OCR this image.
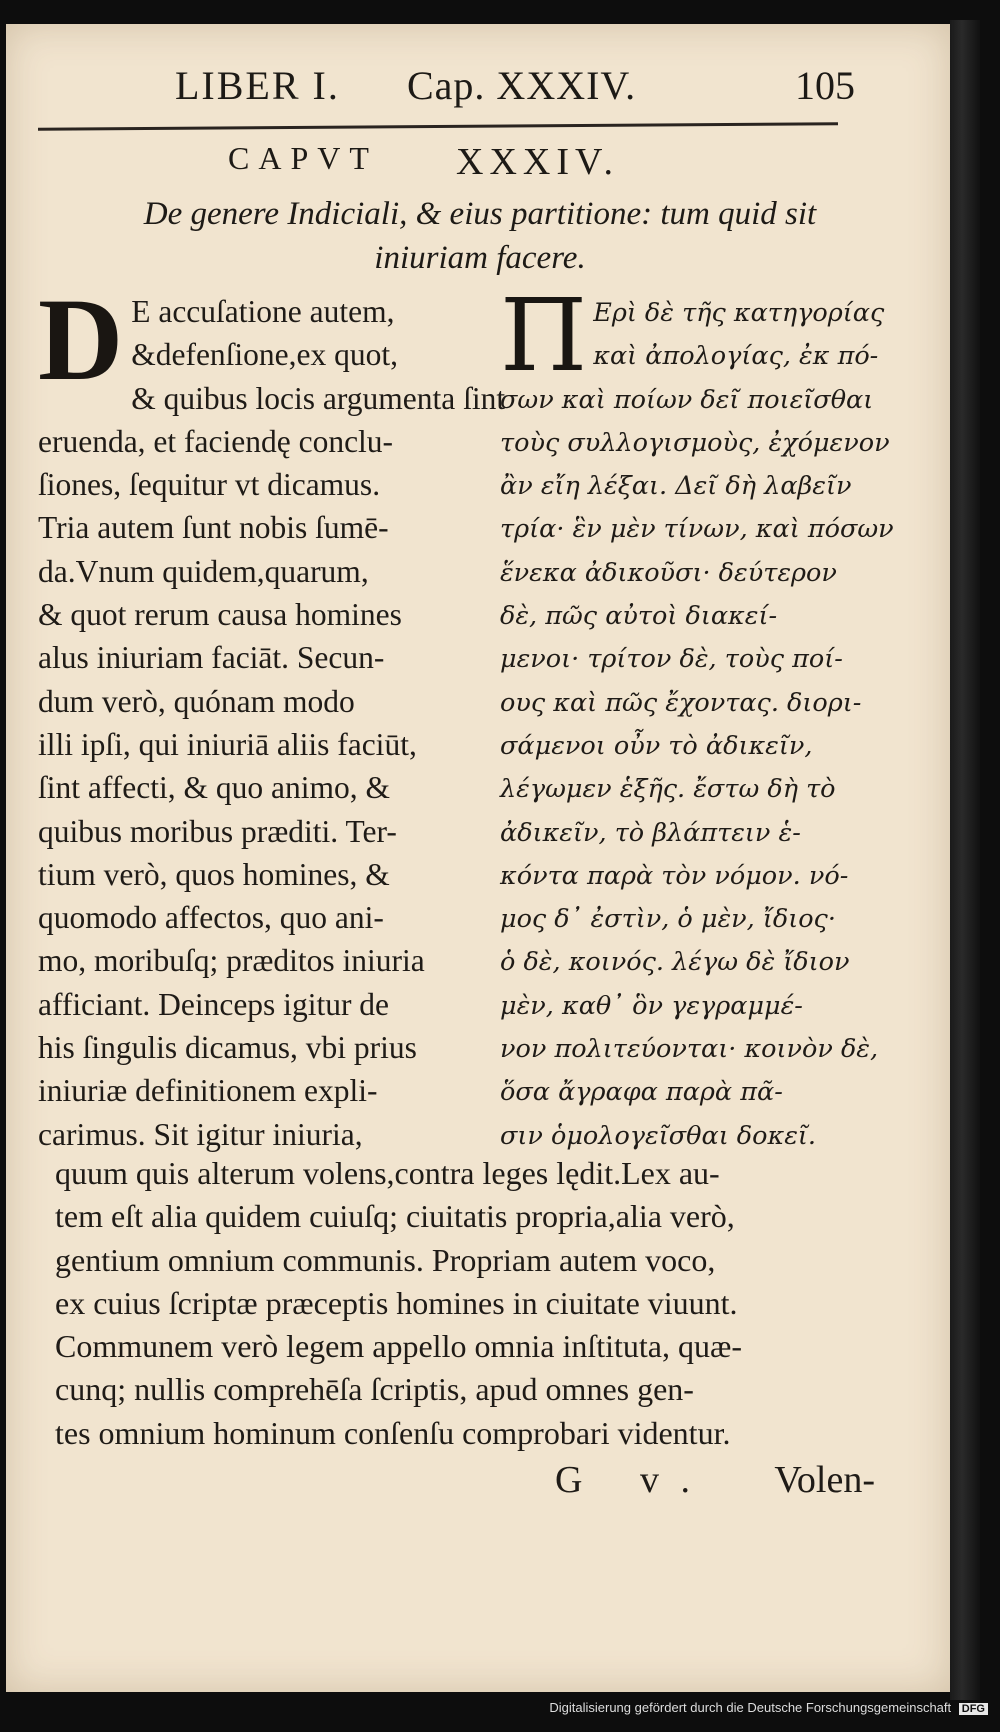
LIBER I. Cap. XXXIV.	105
CAPVT XXXIV.
De genere Indiciali, & eius partitione: tum quid sit
iniuriam facere.
D E accuſatione autem,
&defenſione,ex quot,
& quibus locis argumenta ſint
eruenda, et faciendę conclu-
ſiones, ſequitur vt dicamus.
Tria autem ſunt nobis ſumē-
da.Vnum quidem,quarum,
& quot rerum causa homines
alus iniuriam faciāt. Secun-
dum verò, quónam modo
illi ipſi, qui iniuriā aliis faciūt,
ſint affecti, & quo animo, &
quibus moribus præditi. Ter-
tium verò, quos homines, &
quomodo affectos, quo ani-
mo, moribuſq; præditos iniuria
afficiant. Deinceps igitur de
his ſingulis dicamus, vbi prius
iniuriæ definitionem expli-
carimus. Sit igitur iniuria,
Π Ερὶ δὲ τῆς κατηγορίας
καὶ ἀπολογίας, ἐκ πό-
σων καὶ ποίων δεῖ ποιεῖσθαι
τοὺς συλλογισμοὺς, ἐχόμενον
ἂν εἴη λέξαι. Δεῖ δὴ λαβεῖν
τρία· ἓν μὲν τίνων, καὶ πόσων
ἕνεκα ἀδικοῦσι· δεύτερον
δὲ, πῶς αὐτοὶ διακεί-
μενοι· τρίτον δὲ, τοὺς ποί-
ους καὶ πῶς ἔχοντας. διορι-
σάμενοι οὖν τὸ ἀδικεῖν,
λέγωμεν ἑξῆς. ἔστω δὴ τὸ
ἀδικεῖν, τὸ βλάπτειν ἑ-
κόντα παρὰ τὸν νόμον. νό-
μος δ᾽ ἐστὶν, ὁ μὲν, ἴδιος·
ὁ δὲ, κοινός. λέγω δὲ ἴδιον
μὲν, καθ᾽ ὃν γεγραμμέ-
νον πολιτεύονται· κοινὸν δὲ,
ὅσα ἄγραφα παρὰ πᾶ-
σιν ὁμολογεῖσθαι δοκεῖ.
quum quis alterum volens,contra leges lędit.Lex au-
tem eſt alia quidem cuiuſq; ciuitatis propria,alia verò,
gentium omnium communis. Propriam autem voco,
ex cuius ſcriptæ præceptis homines in ciuitate viuunt.
Communem verò legem appello omnia inſtituta, quæ-
cunq; nullis comprehēſa ſcriptis, apud omnes gen-
tes omnium hominum conſenſu comprobari videntur.
G v. Volen-
Digitalisierung gefördert durch die Deutsche Forschungsgemeinschaft DFG
